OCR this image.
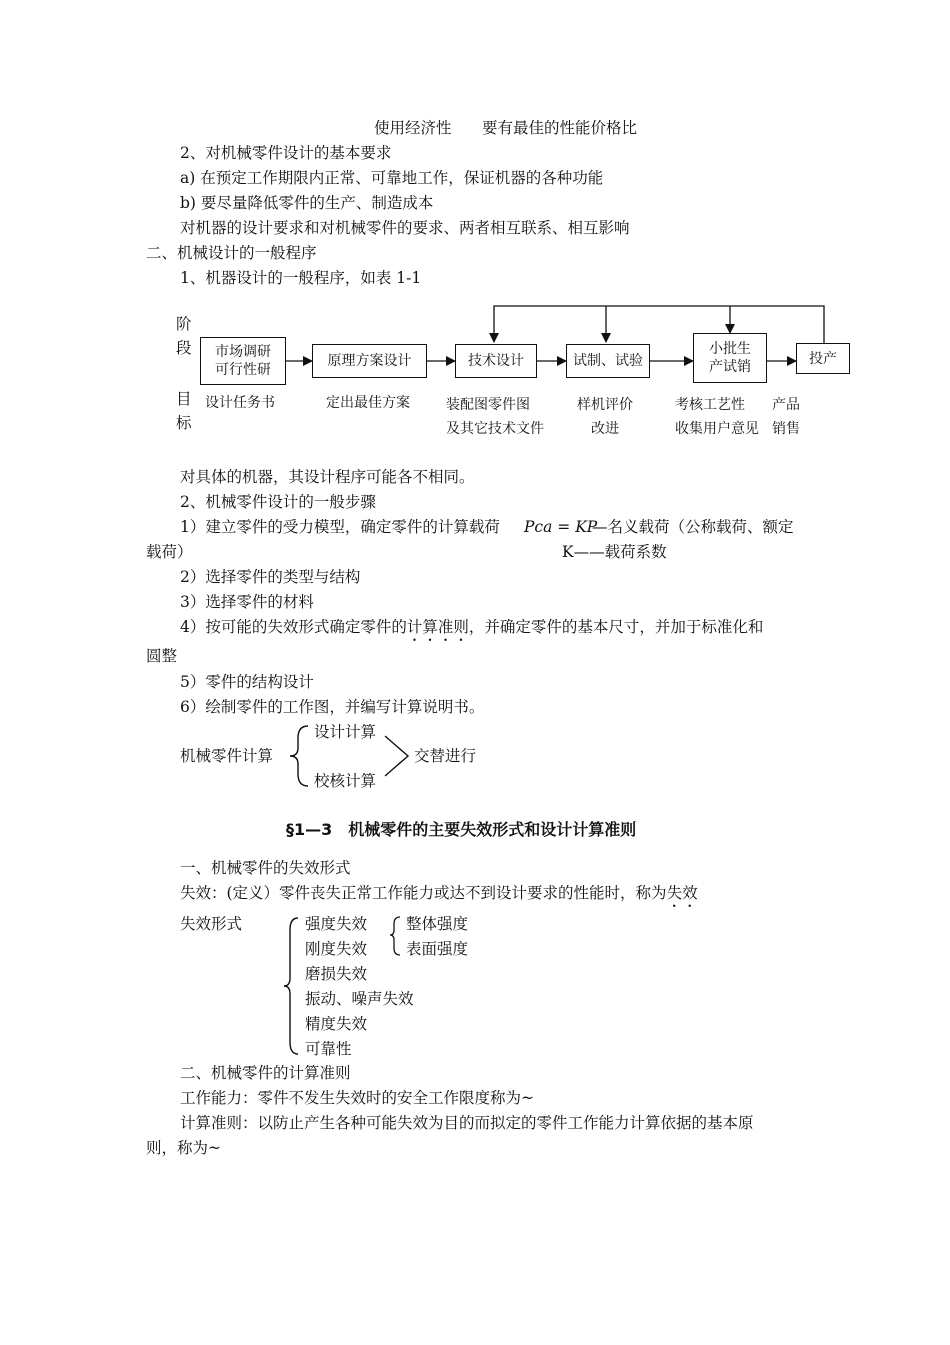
使用经济性 要有最佳的性能价格比
2、对机械零件设计的基本要求
a) 在预定工作期限内正常、可靠地工作，保证机器的各种功能
b) 要尽量降低零件的生产、制造成本
对机器的设计要求和对机械零件的要求、两者相互联系、相互影响
二、机械设计的一般程序
1、机器设计的一般程序，如表 1-1
阶段
目标
市场调研
可行性研
原理方案设计	技术设计	试制、试验
小批生
产试销
投产
设计任务书	定出最佳方案	装配图零件图
及其它技术文件
样机评价
改进
考核工艺性
收集用户意见
产品
销售
对具体的机器，其设计程序可能各不相同。
2、机械零件设计的一般步骤
1）建立零件的受力模型，确定零件的计算载荷 Pca = KP
—名义载荷（公称载荷、额定
载荷）	K——载荷系数
2）选择零件的类型与结构
3）选择零件的材料
4）按可能的失效形式确定零件的计算准则，并确定零件的基本尺寸，并加于标准化和
圆整
5）零件的结构设计
6）绘制零件的工作图，并编写计算说明书。
机械零件计算
设计计算
校核计算
交替进行
§1—3　机械零件的主要失效形式和设计计算准则
一、机械零件的失效形式
失效：(定义）零件丧失正常工作能力或达不到设计要求的性能时，称为失效
失效形式	强度失效
刚度失效
磨损失效
振动、噪声失效
精度失效
可靠性
整体强度
表面强度
二、机械零件的计算准则
工作能力：零件不发生失效时的安全工作限度称为~
计算准则：以防止产生各种可能失效为目的而拟定的零件工作能力计算依据的基本原
则，称为~
